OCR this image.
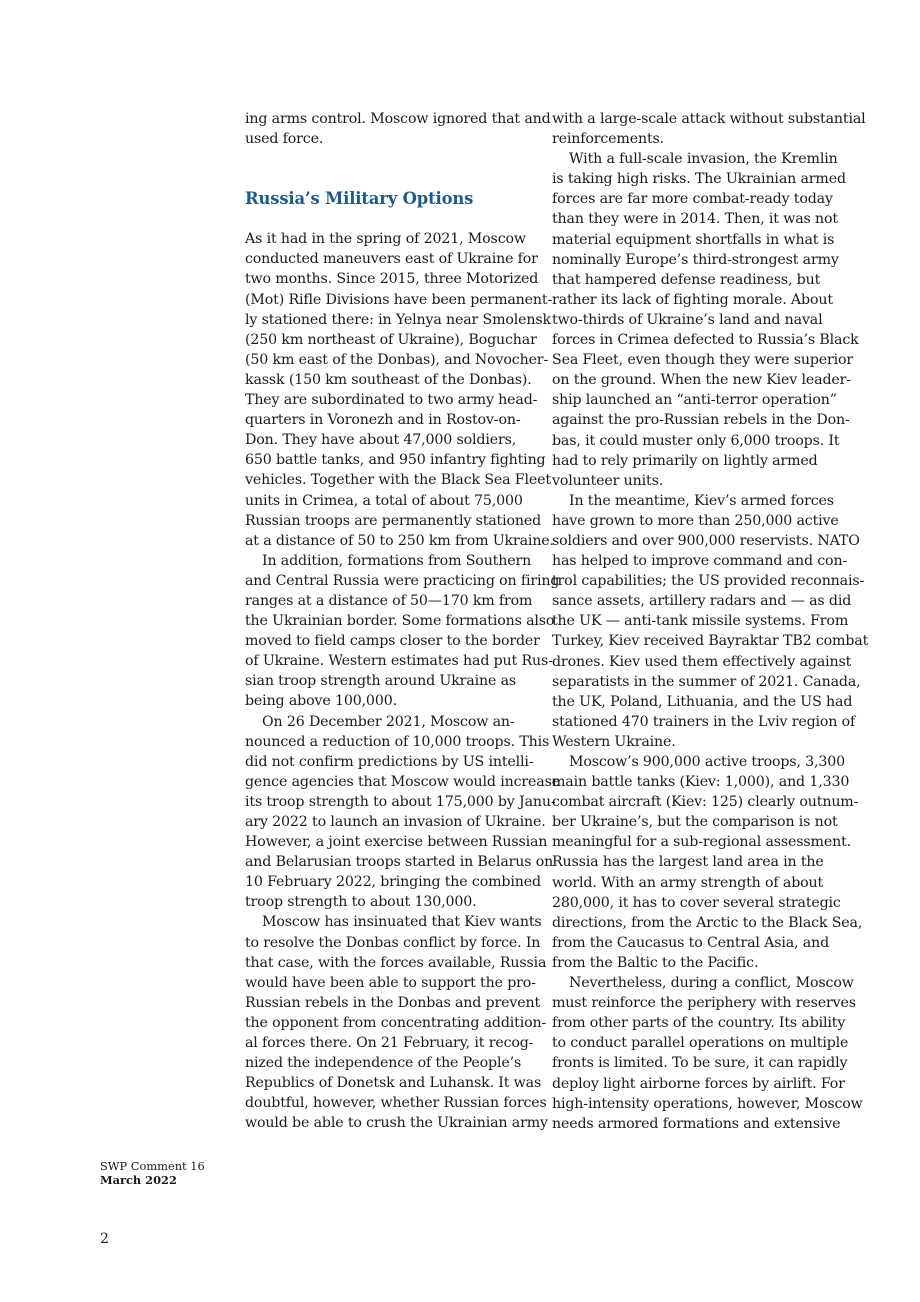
ing arms control. Moscow ignored that and
used force.
Russia’s Military Options
As it had in the spring of 2021, Moscow
conducted maneuvers east of Ukraine for
two months. Since 2015, three Motorized
(Mot) Rifle Divisions have been permanent-
ly stationed there: in Yelnya near Smolensk
(250 km northeast of Ukraine), Boguchar
(50 km east of the Donbas), and Novocher-
kassk (150 km southeast of the Donbas).
They are subordinated to two army head-
quarters in Voronezh and in Rostov-on-
Don. They have about 47,000 soldiers,
650 battle tanks, and 950 infantry fighting
vehicles. Together with the Black Sea Fleet
units in Crimea, a total of about 75,000
Russian troops are permanently stationed
at a distance of 50 to 250 km from Ukraine.
In addition, formations from Southern
and Central Russia were practicing on firing
ranges at a distance of 50—170 km from
the Ukrainian border. Some formations also
moved to field camps closer to the border
of Ukraine. Western estimates had put Rus-
sian troop strength around Ukraine as
being above 100,000.
On 26 December 2021, Moscow an-
nounced a reduction of 10,000 troops. This
did not confirm predictions by US intelli-
gence agencies that Moscow would increase
its troop strength to about 175,000 by Janu-
ary 2022 to launch an invasion of Ukraine.
However, a joint exercise between Russian
and Belarusian troops started in Belarus on
10 February 2022, bringing the combined
troop strength to about 130,000.
Moscow has insinuated that Kiev wants
to resolve the Donbas conflict by force. In
that case, with the forces available, Russia
would have been able to support the pro-
Russian rebels in the Donbas and prevent
the opponent from concentrating addition-
al forces there. On 21 February, it recog-
nized the independence of the People’s
Republics of Donetsk and Luhansk. It was
doubtful, however, whether Russian forces
would be able to crush the Ukrainian army
with a large-scale attack without substantial
reinforcements.
With a full-scale invasion, the Kremlin
is taking high risks. The Ukrainian armed
forces are far more combat-ready today
than they were in 2014. Then, it was not
material equipment shortfalls in what is
nominally Europe’s third-strongest army
that hampered defense readiness, but
rather its lack of fighting morale. About
two-thirds of Ukraine’s land and naval
forces in Crimea defected to Russia’s Black
Sea Fleet, even though they were superior
on the ground. When the new Kiev leader-
ship launched an “anti-terror operation”
against the pro-Russian rebels in the Don-
bas, it could muster only 6,000 troops. It
had to rely primarily on lightly armed
volunteer units.
In the meantime, Kiev’s armed forces
have grown to more than 250,000 active
soldiers and over 900,000 reservists. NATO
has helped to improve command and con-
trol capabilities; the US provided reconnais-
sance assets, artillery radars and — as did
the UK — anti-tank missile systems. From
Turkey, Kiev received Bayraktar TB2 combat
drones. Kiev used them effectively against
separatists in the summer of 2021. Canada,
the UK, Poland, Lithuania, and the US had
stationed 470 trainers in the Lviv region of
Western Ukraine.
Moscow’s 900,000 active troops, 3,300
main battle tanks (Kiev: 1,000), and 1,330
combat aircraft (Kiev: 125) clearly outnum-
ber Ukraine’s, but the comparison is not
meaningful for a sub-regional assessment.
Russia has the largest land area in the
world. With an army strength of about
280,000, it has to cover several strategic
directions, from the Arctic to the Black Sea,
from the Caucasus to Central Asia, and
from the Baltic to the Pacific.
Nevertheless, during a conflict, Moscow
must reinforce the periphery with reserves
from other parts of the country. Its ability
to conduct parallel operations on multiple
fronts is limited. To be sure, it can rapidly
deploy light airborne forces by airlift. For
high-intensity operations, however, Moscow
needs armored formations and extensive
SWP Comment 16
March 2022
2
